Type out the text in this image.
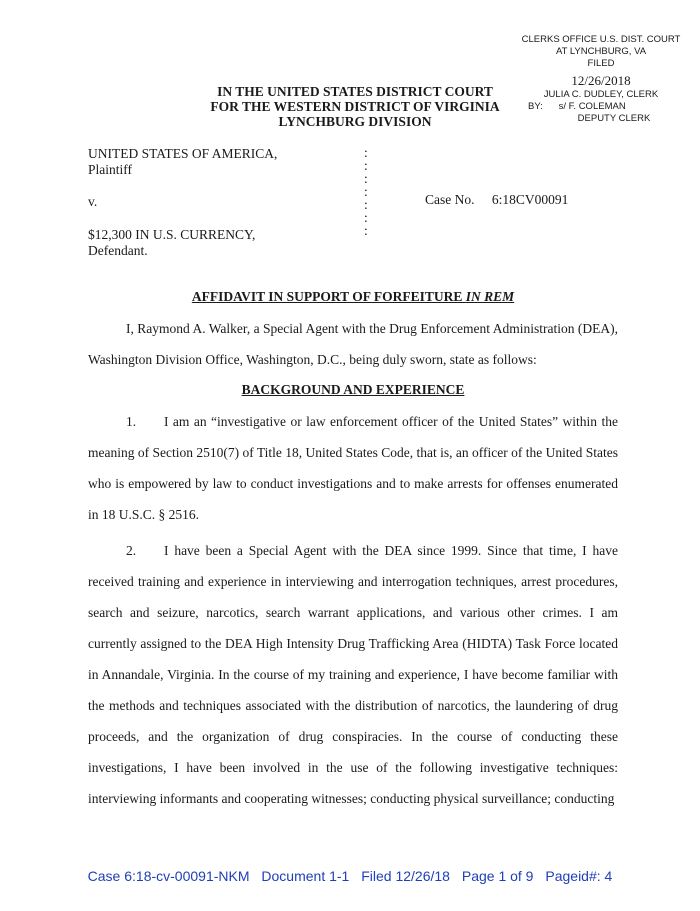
CLERKS OFFICE U.S. DIST. COURT
AT LYNCHBURG, VA
FILED
12/26/2018
JULIA C. DUDLEY, CLERK
BY: s/ F. COLEMAN
DEPUTY CLERK
IN THE UNITED STATES DISTRICT COURT
FOR THE WESTERN DISTRICT OF VIRGINIA
LYNCHBURG DIVISION
UNITED STATES OF AMERICA,
Plaintiff
v.
$12,300 IN U.S. CURRENCY,
Defendant.
:
:
:
:
:
:
:
Case No. 6:18CV00091
AFFIDAVIT IN SUPPORT OF FORFEITURE IN REM

I, Raymond A. Walker, a Special Agent with the Drug Enforcement Administration (DEA), Washington Division Office, Washington, D.C., being duly sworn, state as follows:

BACKGROUND AND EXPERIENCE

1. I am an “investigative or law enforcement officer of the United States” within the meaning of Section 2510(7) of Title 18, United States Code, that is, an officer of the United States who is empowered by law to conduct investigations and to make arrests for offenses enumerated in 18 U.S.C. § 2516.

2. I have been a Special Agent with the DEA since 1999. Since that time, I have received training and experience in interviewing and interrogation techniques, arrest procedures, search and seizure, narcotics, search warrant applications, and various other crimes. I am currently assigned to the DEA High Intensity Drug Trafficking Area (HIDTA) Task Force located in Annandale, Virginia. In the course of my training and experience, I have become familiar with the methods and techniques associated with the distribution of narcotics, the laundering of drug proceeds, and the organization of drug conspiracies. In the course of conducting these investigations, I have been involved in the use of the following investigative techniques: interviewing informants and cooperating witnesses; conducting physical surveillance; conducting

Case 6:18-cv-00091-NKM Document 1-1 Filed 12/26/18 Page 1 of 9 Pageid#: 4
